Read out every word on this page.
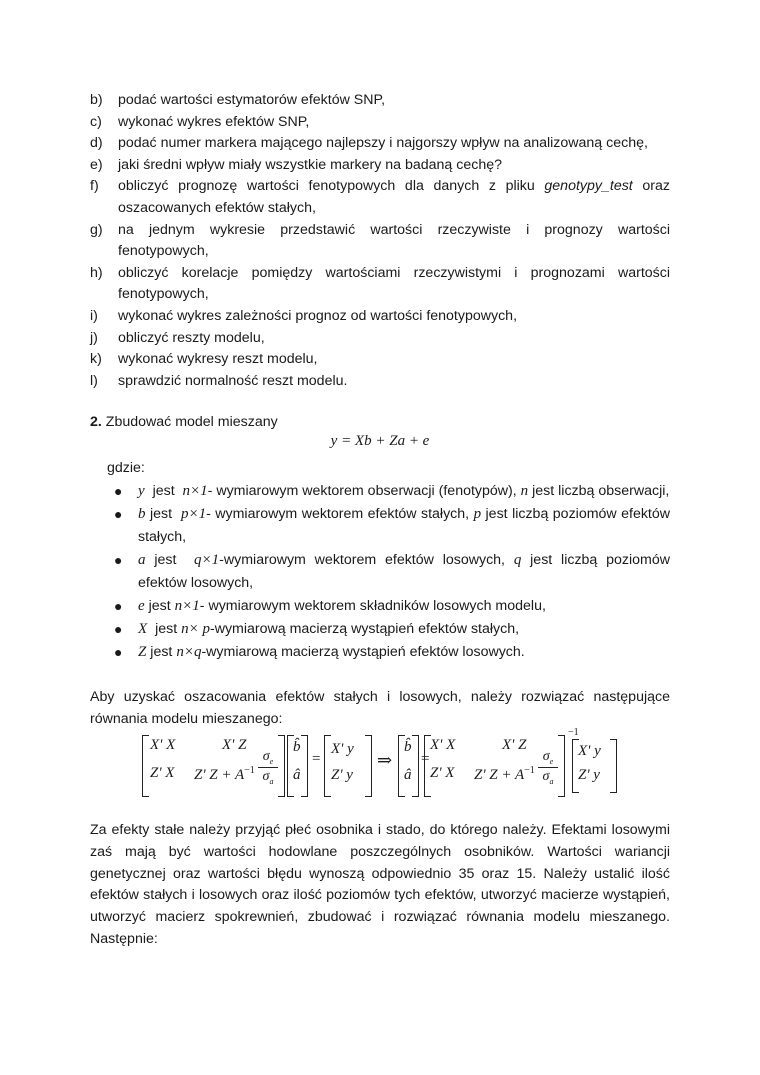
b) podać wartości estymatorów efektów SNP,
c) wykonać wykres efektów SNP,
d) podać numer markera mającego najlepszy i najgorszy wpływ na analizowaną cechę,
e) jaki średni wpływ miały wszystkie markery na badaną cechę?
f) obliczyć prognozę wartości fenotypowych dla danych z pliku genotypy_test oraz oszacowanych efektów stałych,
g) na jednym wykresie przedstawić wartości rzeczywiste i prognozy wartości fenotypowych,
h) obliczyć korelacje pomiędzy wartościami rzeczywistymi i prognozami wartości fenotypowych,
i) wykonać wykres zależności prognoz od wartości fenotypowych,
j) obliczyć reszty modelu,
k) wykonać wykresy reszt modelu,
l) sprawdzić normalność reszt modelu.
2. Zbudować model mieszany
y = Xb + Za + e
gdzie:
● y jest n×1- wymiarowym wektorem obserwacji (fenotypów), n jest liczbą obserwacji,
● b jest p×1- wymiarowym wektorem efektów stałych, p jest liczbą poziomów efektów stałych,
● a jest q×1-wymiarowym wektorem efektów losowych, q jest liczbą poziomów efektów losowych,
● e jest n×1- wymiarowym wektorem składników losowych modelu,
● X jest n× p-wymiarową macierzą wystąpień efektów stałych,
● Z jest n×q-wymiarową macierzą wystąpień efektów losowych.
Aby uzyskać oszacowania efektów stałych i losowych, należy rozwiązać następujące równania modelu mieszanego:
X' X	X' Z
Z' X Z' $Z + A^{-1}$
$\sigma_e$
$\sigma_a$
b̂
â
=
X' y
Z' y
⇒
b̂
â
=
X' X	X' Z
Z' X Z' $Z + A^{-1}$
$\sigma_e$
$\sigma_a$
−1
X' y
Z' y
Za efekty stałe należy przyjąć płeć osobnika i stado, do którego należy. Efektami losowymi zaś mają być wartości hodowlane poszczególnych osobników. Wartości wariancji genetycznej oraz wartości błędu wynoszą odpowiednio 35 oraz 15. Należy ustalić ilość efektów stałych i losowych oraz ilość poziomów tych efektów, utworzyć macierze wystąpień, utworzyć macierz spokrewnień, zbudować i rozwiązać równania modelu mieszanego. Następnie:
